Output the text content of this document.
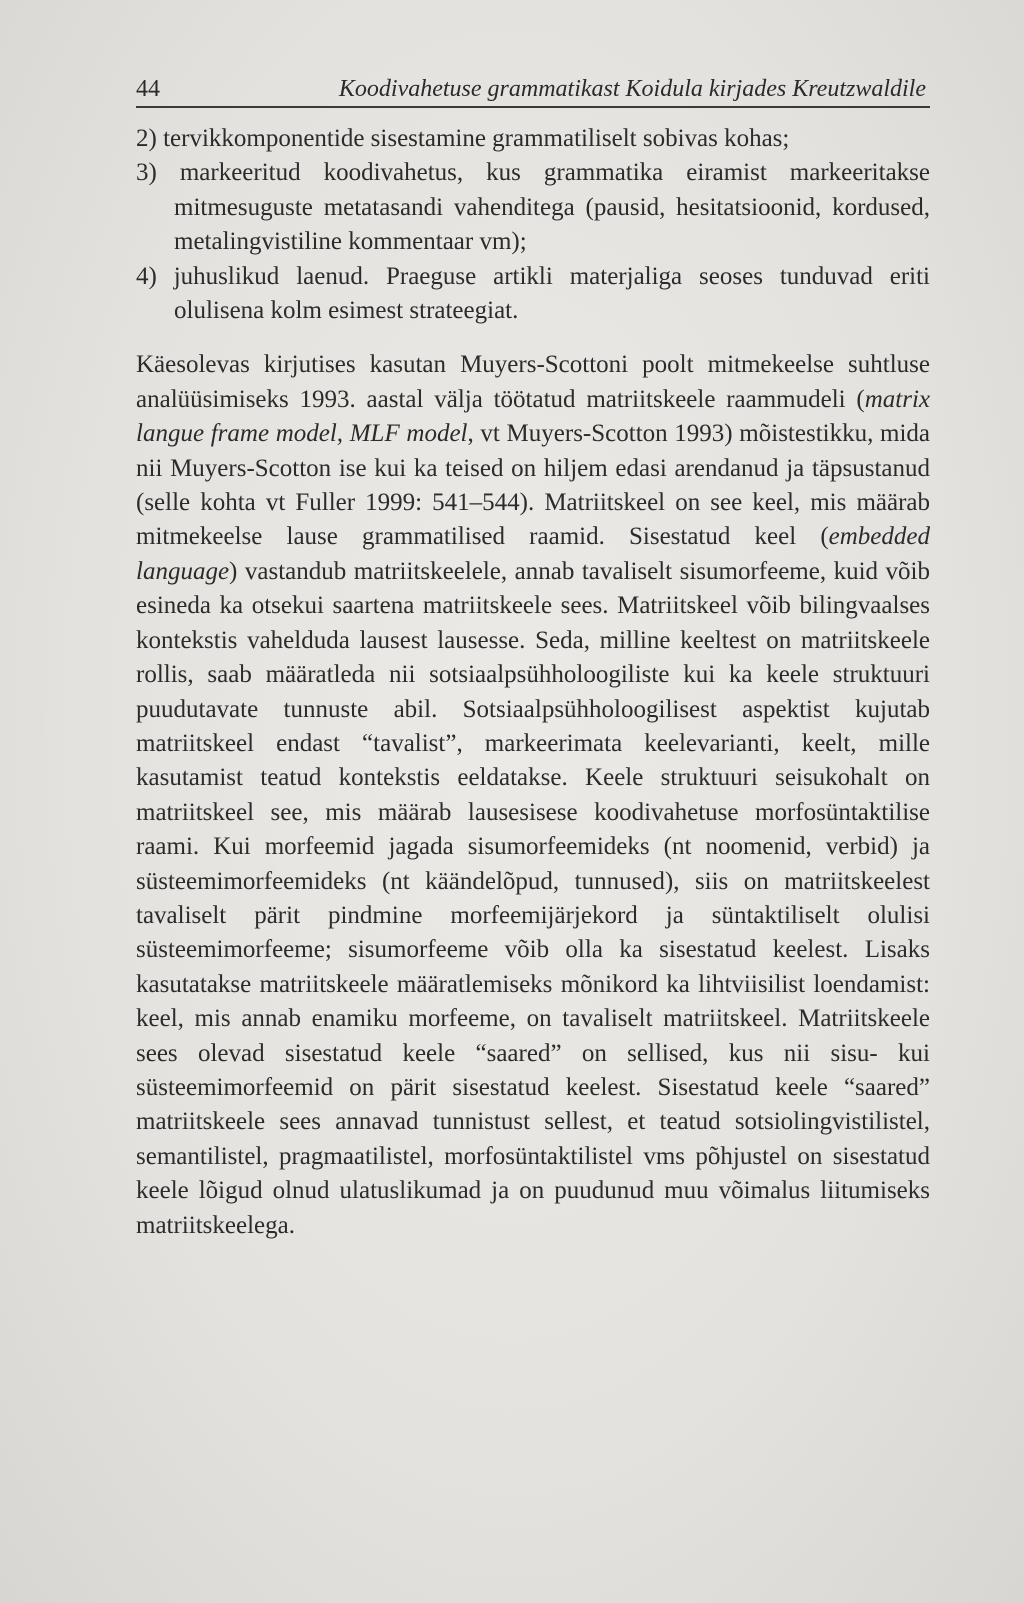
44	Koodivahetuse grammatikast Koidula kirjades Kreutzwaldile

2) tervikkomponentide sisestamine grammatiliselt sobivas kohas;

3) markeeritud koodivahetus, kus grammatika eiramist markeeritakse mitmesuguste metatasandi vahenditega (pausid, hesitatsioonid, kordused, metalingvistiline kommentaar vm);

4) juhuslikud laenud. Praeguse artikli materjaliga seoses tunduvad eriti olulisena kolm esimest strateegiat.

Käesolevas kirjutises kasutan Muyers-Scottoni poolt mitmekeelse suhtluse analüüsimiseks 1993. aastal välja töötatud matriitskeele raammudeli (matrix langue frame model, MLF model, vt Muyers-Scotton 1993) mõistestikku, mida nii Muyers-Scotton ise kui ka teised on hiljem edasi arendanud ja täpsustanud (selle kohta vt Fuller 1999: 541–544). Matriitskeel on see keel, mis määrab mitmekeelse lause grammatilised raamid. Sisestatud keel (embedded language) vastandub matriitskeelele, annab tavaliselt sisumorfeeme, kuid võib esineda ka otsekui saartena matriitskeele sees. Matriitskeel võib bilingvaalses kontekstis vahelduda lausest lausesse. Seda, milline keeltest on matriitskeele rollis, saab määratleda nii sotsiaalpsühholoogiliste kui ka keele struktuuri puudutavate tunnuste abil. Sotsiaalpsühholoogilisest aspektist kujutab matriitskeel endast “tavalist”, markeerimata keelevarianti, keelt, mille kasutamist teatud kontekstis eeldatakse. Keele struktuuri seisukohalt on matriitskeel see, mis määrab lausesisese koodivahetuse morfosüntaktilise raami. Kui morfeemid jagada sisumorfeemideks (nt noomenid, verbid) ja süsteemimorfeemideks (nt käändelõpud, tunnused), siis on matriitskeelest tavaliselt pärit pindmine morfeemijärjekord ja süntaktiliselt olulisi süsteemimorfeeme; sisumorfeeme võib olla ka sisestatud keelest. Lisaks kasutatakse matriitskeele määratlemiseks mõnikord ka lihtviisilist loendamist: keel, mis annab enamiku morfeeme, on tavaliselt matriitskeel. Matriitskeele sees olevad sisestatud keele “saared” on sellised, kus nii sisu- kui süsteemimorfeemid on pärit sisestatud keelest. Sisestatud keele “saared” matriitskeele sees annavad tunnistust sellest, et teatud sotsiolingvistilistel, semantilistel, pragmaatilistel, morfosüntaktilistel vms põhjustel on sisestatud keele lõigud olnud ulatuslikumad ja on puudunud muu võimalus liitumiseks matriitskeelega.
